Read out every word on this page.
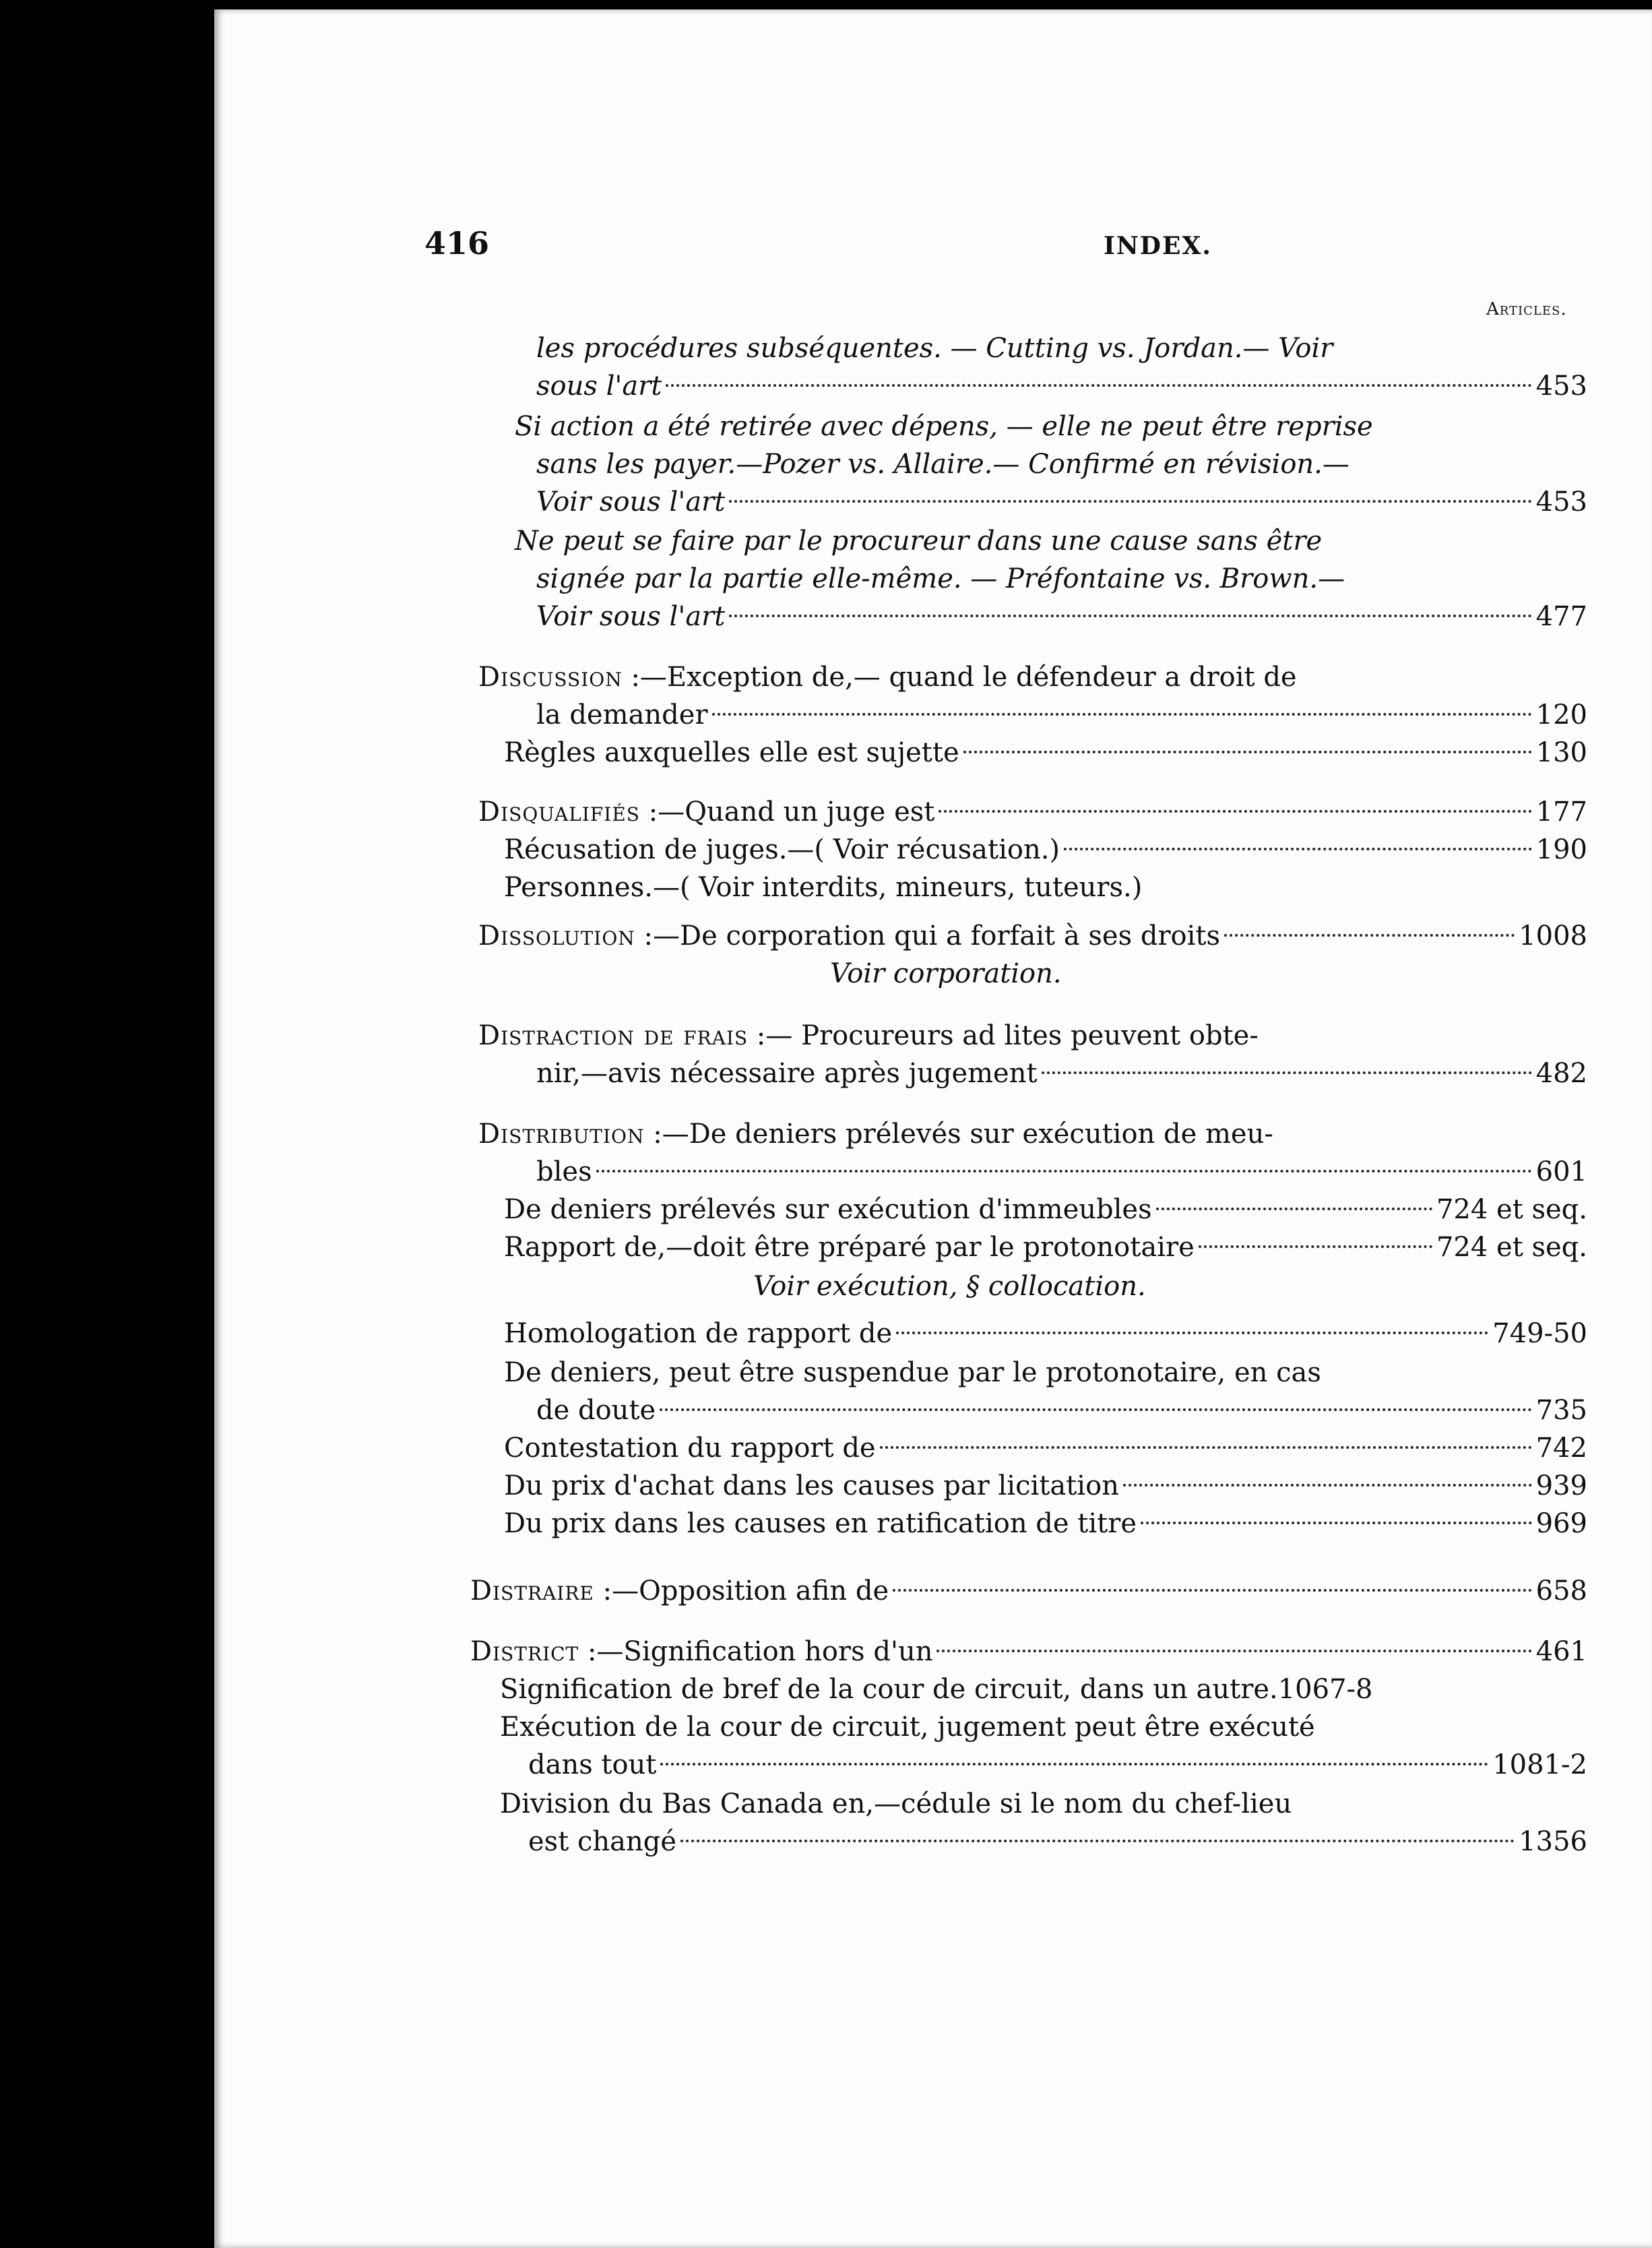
416	INDEX.
Articles.
les procédures subséquentes. — Cutting vs. Jordan.— Voir
sous l'art	453
Si action a été retirée avec dépens, — elle ne peut être reprise
sans les payer.—Pozer vs. Allaire.— Confirmé en révision.—
Voir sous l'art	453
Ne peut se faire par le procureur dans une cause sans être
signée par la partie elle-même. — Préfontaine vs. Brown.—
Voir sous l'art	477
Discussion :—Exception de,— quand le défendeur a droit de
la demander	120
Règles auxquelles elle est sujette	130
Disqualifiés :—Quand un juge est	177
Récusation de juges.—( Voir récusation.)	190
Personnes.—( Voir interdits, mineurs, tuteurs.)
Dissolution :—De corporation qui a forfait à ses droits	1008
Voir corporation.
Distraction de frais :— Procureurs ad lites peuvent obte-
nir,—avis nécessaire après jugement	482
Distribution :—De deniers prélevés sur exécution de meu-
bles	601
De deniers prélevés sur exécution d'immeubles	724 et seq.
Rapport de,—doit être préparé par le protonotaire	724 et seq.
Voir exécution, § collocation.
Homologation de rapport de	749-50
De deniers, peut être suspendue par le protonotaire, en cas
de doute	735
Contestation du rapport de	742
Du prix d'achat dans les causes par licitation	939
Du prix dans les causes en ratification de titre	969
Distraire :—Opposition afin de	658
District :—Signification hors d'un	461
Signification de bref de la cour de circuit, dans un autre. 1067-8
Exécution de la cour de circuit, jugement peut être exécuté
dans tout	1081-2
Division du Bas Canada en,—cédule si le nom du chef-lieu
est changé	1356
